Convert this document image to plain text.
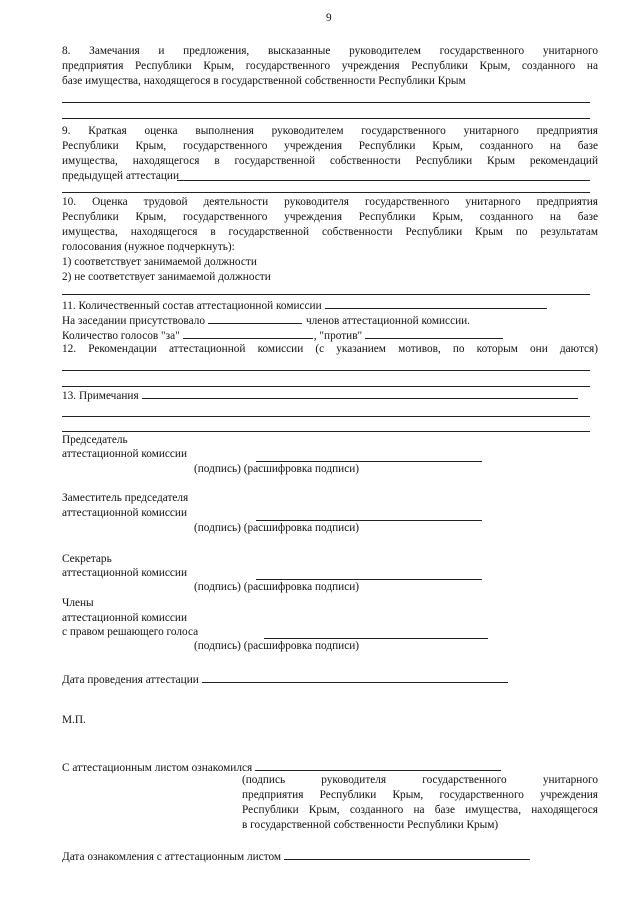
9
8. Замечания и предложения, высказанные руководителем государственного унитарного
предприятия Республики Крым, государственного учреждения Республики Крым, созданного на
базе имущества, находящегося в государственной собственности Республики Крым
9. Краткая оценка выполнения руководителем государственного унитарного предприятия
Республики Крым, государственного учреждения Республики Крым, созданного на базе
имущества, находящегося в государственной собственности Республики Крым рекомендаций
предыдущей аттестации
10. Оценка трудовой деятельности руководителя государственного унитарного предприятия
Республики Крым, государственного учреждения Республики Крым, созданного на базе
имущества, находящегося в государственной собственности Республики Крым по результатам
голосования (нужное подчеркнуть):
1) соответствует занимаемой должности
2) не соответствует занимаемой должности
11. Количественный состав аттестационной комиссии
На заседании присутствовало	членов аттестационной комиссии.
Количество голосов "за"	, "против"
12. Рекомендации аттестационной комиссии (с указанием мотивов, по которым они даются)
13. Примечания
Председатель
аттестационной комиссии
(подпись) (расшифровка подписи)
Заместитель председателя
аттестационной комиссии
(подпись) (расшифровка подписи)
Секретарь
аттестационной комиссии
(подпись) (расшифровка подписи)
Члены
аттестационной комиссии
с правом решающего голоса
(подпись) (расшифровка подписи)
Дата проведения аттестации
М.П.
С аттестационным листом ознакомился
(подпись руководителя государственного унитарного
предприятия Республики Крым, государственного учреждения
Республики Крым, созданного на базе имущества, находящегося
в государственной собственности Республики Крым)
Дата ознакомления с аттестационным листом
